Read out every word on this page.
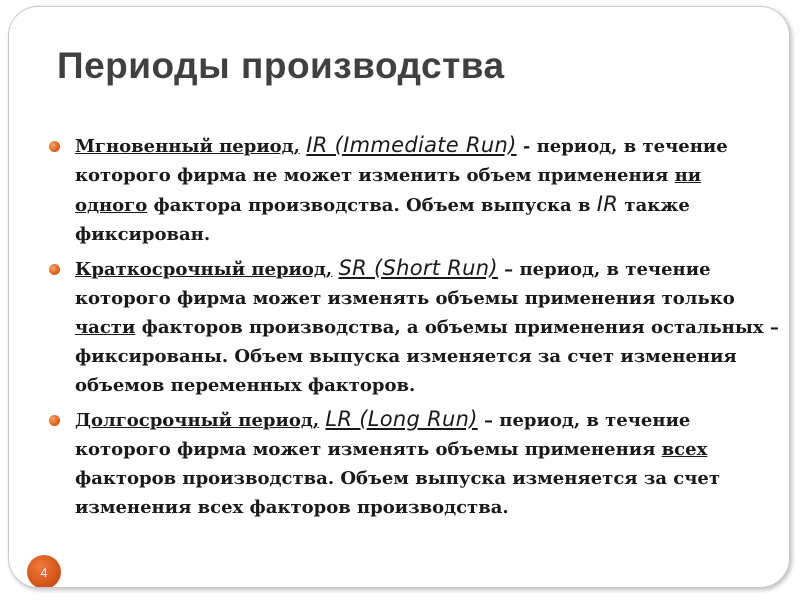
Периоды производства
Мгновенный период, IR (Immediate Run) - период, в течение которого фирма не может изменить объем применения ни одного фактора производства. Объем выпуска в IR также фиксирован.
Краткосрочный период, SR (Short Run) – период, в течение которого фирма может изменять объемы применения только части факторов производства, а объемы применения остальных – фиксированы. Объем выпуска изменяется за счет изменения объемов переменных факторов.
Долгосрочный период, LR (Long Run) – период, в течение которого фирма может изменять объемы применения всех факторов производства. Объем выпуска изменяется за счет изменения всех факторов производства.
4
